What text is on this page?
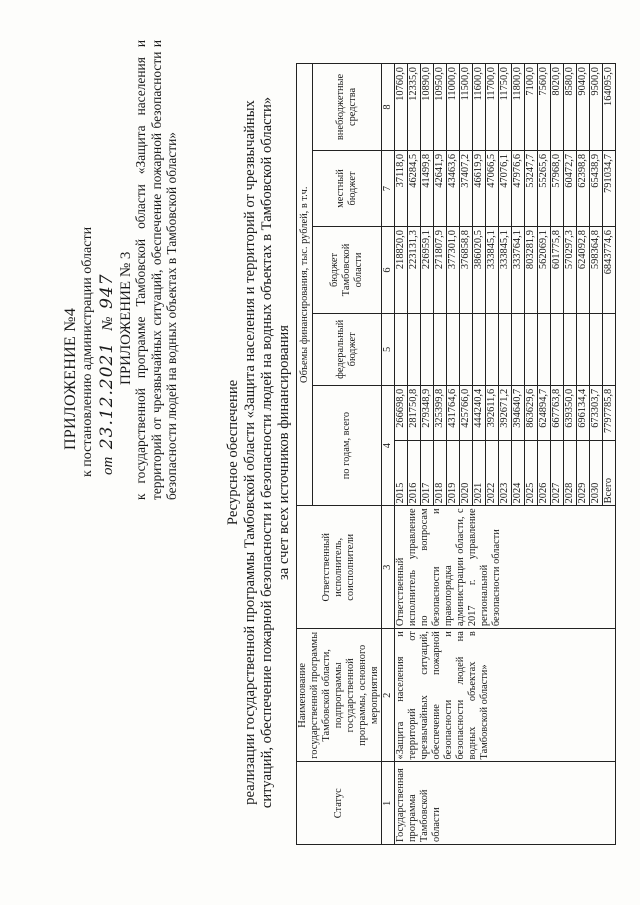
ПРИЛОЖЕНИЕ №4 к постановлению администрации области от  23.12.2021   №  947 ПРИЛОЖЕНИЕ № 3 к государственной программе Тамбовской области «Защита населения и территорий от чрезвычайных ситуаций, обеспечение пожарной безопасности и безопасности людей на водных объектах в Тамбовской области»	Ресурсное обеспечение реализации государственной программы Тамбовской области «Защита населения и территорий от чрезвычайных ситуаций, обеспечение пожарной безопасности и безопасности людей на водных объектах в Тамбовской области» за счет всех источников финансирования
Статус	Наименование государственной программы Тамбовской области, подпрограммы государственной программы, основного мероприятия	Ответственный исполнитель, соисполнители	Объемы финансирования, тыс. рублей, в т.ч.					
			по годам, всего		федеральный бюджет	бюджет Тамбовской области	местный бюджет	внебюджетные средства
1	2	3	4		5	6	7	8
Государственная программа Тамбовской области	«Защита населения и территорий от чрезвычайных ситуаций, обеспечение пожарной безопасности и безопасности людей на водных объектах в Тамбовской области»	Ответственный исполнитель управление по вопросам безопасности и правопорядка администрации области, с 2017 г. управление региональной безопасности области	2015	266698,0		218820,0	37118,0	10760,0
			2016	281750,8		223131,3	46284,5	12335,0
			2017	279348,9		226959,1	41499,8	10890,0
			2018	325399,8		271807,9	42641,9	10950,0
			2019	431764,6		377301,0	43463,6	11000,0
			2020	425766,0		376858,8	37407,2	11500,0
			2021	444240,4		386020,5	46619,9	11600,0
			2022	392611,6		333845,1	47066,5	11700,0
			2023	392671,2		333845,1	47076,1	11750,0
			2024	394640,7		333764,1	47976,6	11800,0
			2025	863629,6		803281,9	53247,7	7100,0
			2026	624894,7		562069,1	55265,6	7560,0
			2027	667763,8		601775,8	57968,0	8020,0
			2028	639350,0		570297,3	60472,7	8580,0
			2029	696134,4		624092,8	62398,8	9040,0
			2030	673303,7		598364,8	65438,9	9500,0
			Всего	7797785,8		6843774,6	791034,7	164095,0
